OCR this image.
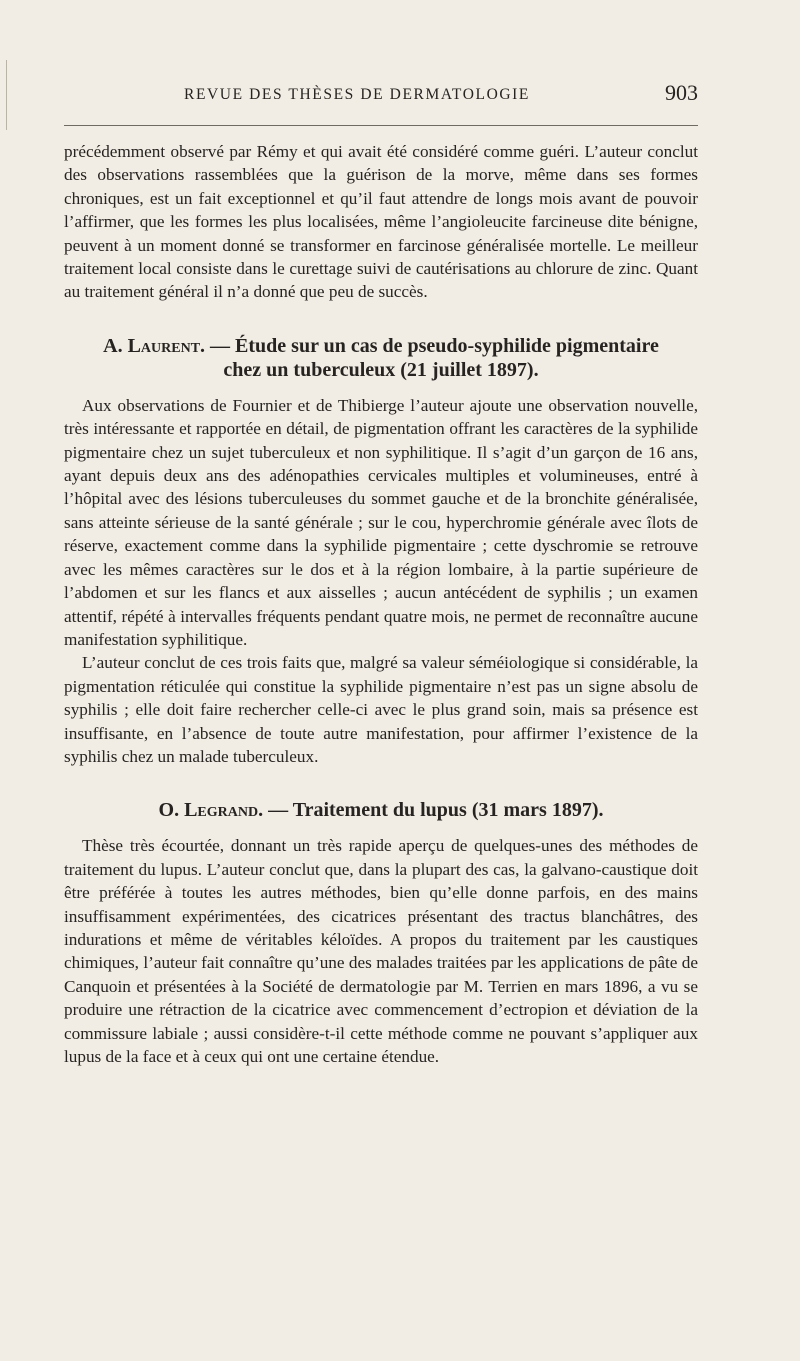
REVUE DES THÈSES DE DERMATOLOGIE	903

précédemment observé par Rémy et qui avait été considéré comme guéri. L’auteur conclut des observations rassemblées que la guérison de la morve, même dans ses formes chroniques, est un fait exceptionnel et qu’il faut attendre de longs mois avant de pouvoir l’affirmer, que les formes les plus localisées, même l’angioleucite farcineuse dite bénigne, peuvent à un moment donné se transformer en farcinose généralisée mortelle. Le meilleur traitement local consiste dans le curettage suivi de cautérisations au chlorure de zinc. Quant au traitement général il n’a donné que peu de succès.

A. Laurent. — Étude sur un cas de pseudo-syphilide pigmentaire
chez un tuberculeux (21 juillet 1897).

Aux observations de Fournier et de Thibierge l’auteur ajoute une observation nouvelle, très intéressante et rapportée en détail, de pigmentation offrant les caractères de la syphilide pigmentaire chez un sujet tuberculeux et non syphilitique. Il s’agit d’un garçon de 16 ans, ayant depuis deux ans des adénopathies cervicales multiples et volumineuses, entré à l’hôpital avec des lésions tuberculeuses du sommet gauche et de la bronchite généralisée, sans atteinte sérieuse de la santé générale ; sur le cou, hyperchromie générale avec îlots de réserve, exactement comme dans la syphilide pigmentaire ; cette dyschromie se retrouve avec les mêmes caractères sur le dos et à la région lombaire, à la partie supérieure de l’abdomen et sur les flancs et aux aisselles ; aucun antécédent de syphilis ; un examen attentif, répété à intervalles fréquents pendant quatre mois, ne permet de reconnaître aucune manifestation syphilitique.

L’auteur conclut de ces trois faits que, malgré sa valeur séméiologique si considérable, la pigmentation réticulée qui constitue la syphilide pigmentaire n’est pas un signe absolu de syphilis ; elle doit faire rechercher celle-ci avec le plus grand soin, mais sa présence est insuffisante, en l’absence de toute autre manifestation, pour affirmer l’existence de la syphilis chez un malade tuberculeux.

O. Legrand. — Traitement du lupus (31 mars 1897).

Thèse très écourtée, donnant un très rapide aperçu de quelques-unes des méthodes de traitement du lupus. L’auteur conclut que, dans la plupart des cas, la galvano-caustique doit être préférée à toutes les autres méthodes, bien qu’elle donne parfois, en des mains insuffisamment expérimentées, des cicatrices présentant des tractus blanchâtres, des indurations et même de véritables kéloïdes. A propos du traitement par les caustiques chimiques, l’auteur fait connaître qu’une des malades traitées par les applications de pâte de Canquoin et présentées à la Société de dermatologie par M. Terrien en mars 1896, a vu se produire une rétraction de la cicatrice avec commencement d’ectropion et déviation de la commissure labiale ; aussi considère-t-il cette méthode comme ne pouvant s’appliquer aux lupus de la face et à ceux qui ont une certaine étendue.
